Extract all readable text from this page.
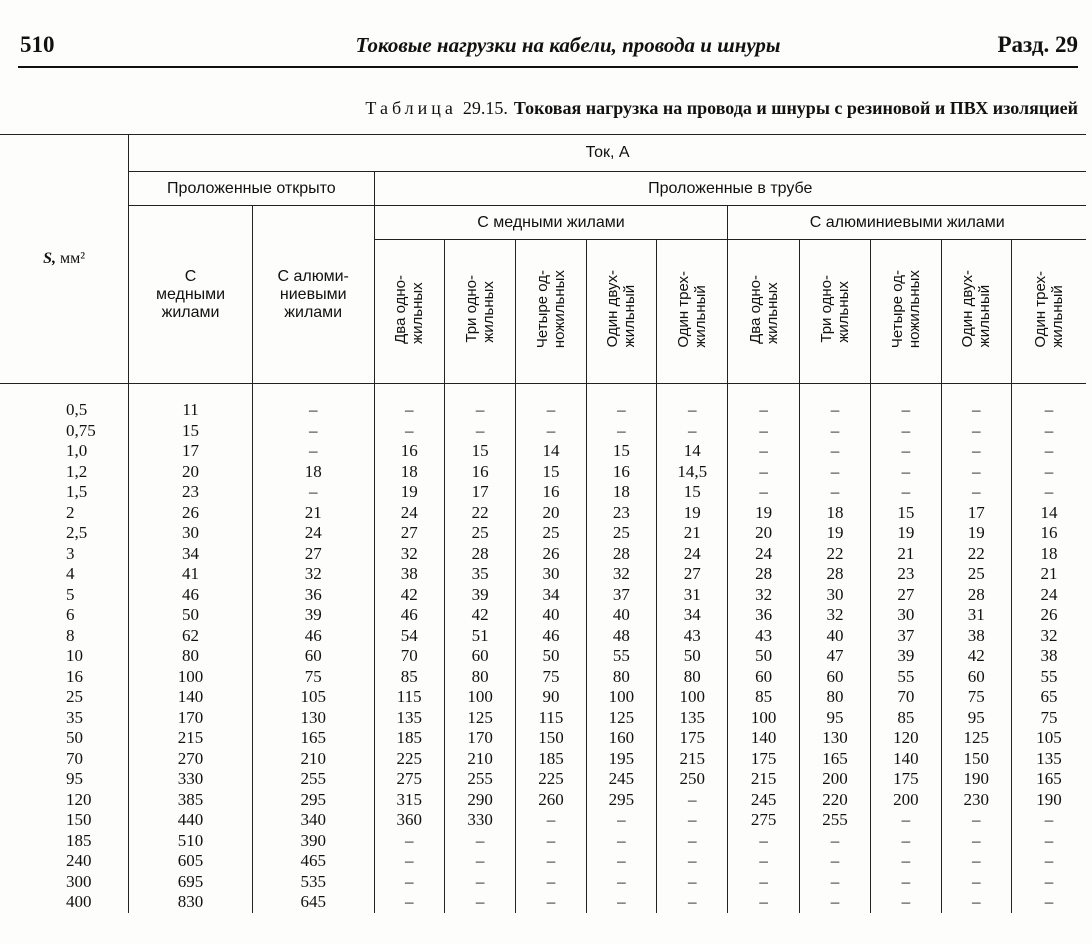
510	Токовые нагрузки на кабели, провода и шнуры	Разд. 29
Таблица 29.15. Токовая нагрузка на провода и шнуры с резиновой и ПВХ изоляцией
S, мм²	Ток, А											
	Проложенные открыто		Проложенные в трубе									
	С
медными
жилами	С алюми-
ниевыми
жилами	С медными жилами					С алюминиевыми жилами				
			Два одно-
жильных	Три одно-
жильных	Четыре од-
ножильных	Один двух-
жильный	Один трех-
жильный	Два одно-
жильных	Три одно-
жильных	Четыре од-
ножильных	Один двух-
жильный	Один трех-
жильный
0,5	11	–	–	–	–	–	–	–	–	–	–	–
0,75	15	–	–	–	–	–	–	–	–	–	–	–
1,0	17	–	16	15	14	15	14	–	–	–	–	–
1,2	20	18	18	16	15	16	14,5	–	–	–	–	–
1,5	23	–	19	17	16	18	15	–	–	–	–	–
2	26	21	24	22	20	23	19	19	18	15	17	14
2,5	30	24	27	25	25	25	21	20	19	19	19	16
3	34	27	32	28	26	28	24	24	22	21	22	18
4	41	32	38	35	30	32	27	28	28	23	25	21
5	46	36	42	39	34	37	31	32	30	27	28	24
6	50	39	46	42	40	40	34	36	32	30	31	26
8	62	46	54	51	46	48	43	43	40	37	38	32
10	80	60	70	60	50	55	50	50	47	39	42	38
16	100	75	85	80	75	80	80	60	60	55	60	55
25	140	105	115	100	90	100	100	85	80	70	75	65
35	170	130	135	125	115	125	135	100	95	85	95	75
50	215	165	185	170	150	160	175	140	130	120	125	105
70	270	210	225	210	185	195	215	175	165	140	150	135
95	330	255	275	255	225	245	250	215	200	175	190	165
120	385	295	315	290	260	295	–	245	220	200	230	190
150	440	340	360	330	–	–	–	275	255	–	–	–
185	510	390	–	–	–	–	–	–	–	–	–	–
240	605	465	–	–	–	–	–	–	–	–	–	–
300	695	535	–	–	–	–	–	–	–	–	–	–
400	830	645	–	–	–	–	–	–	–	–	–	–
